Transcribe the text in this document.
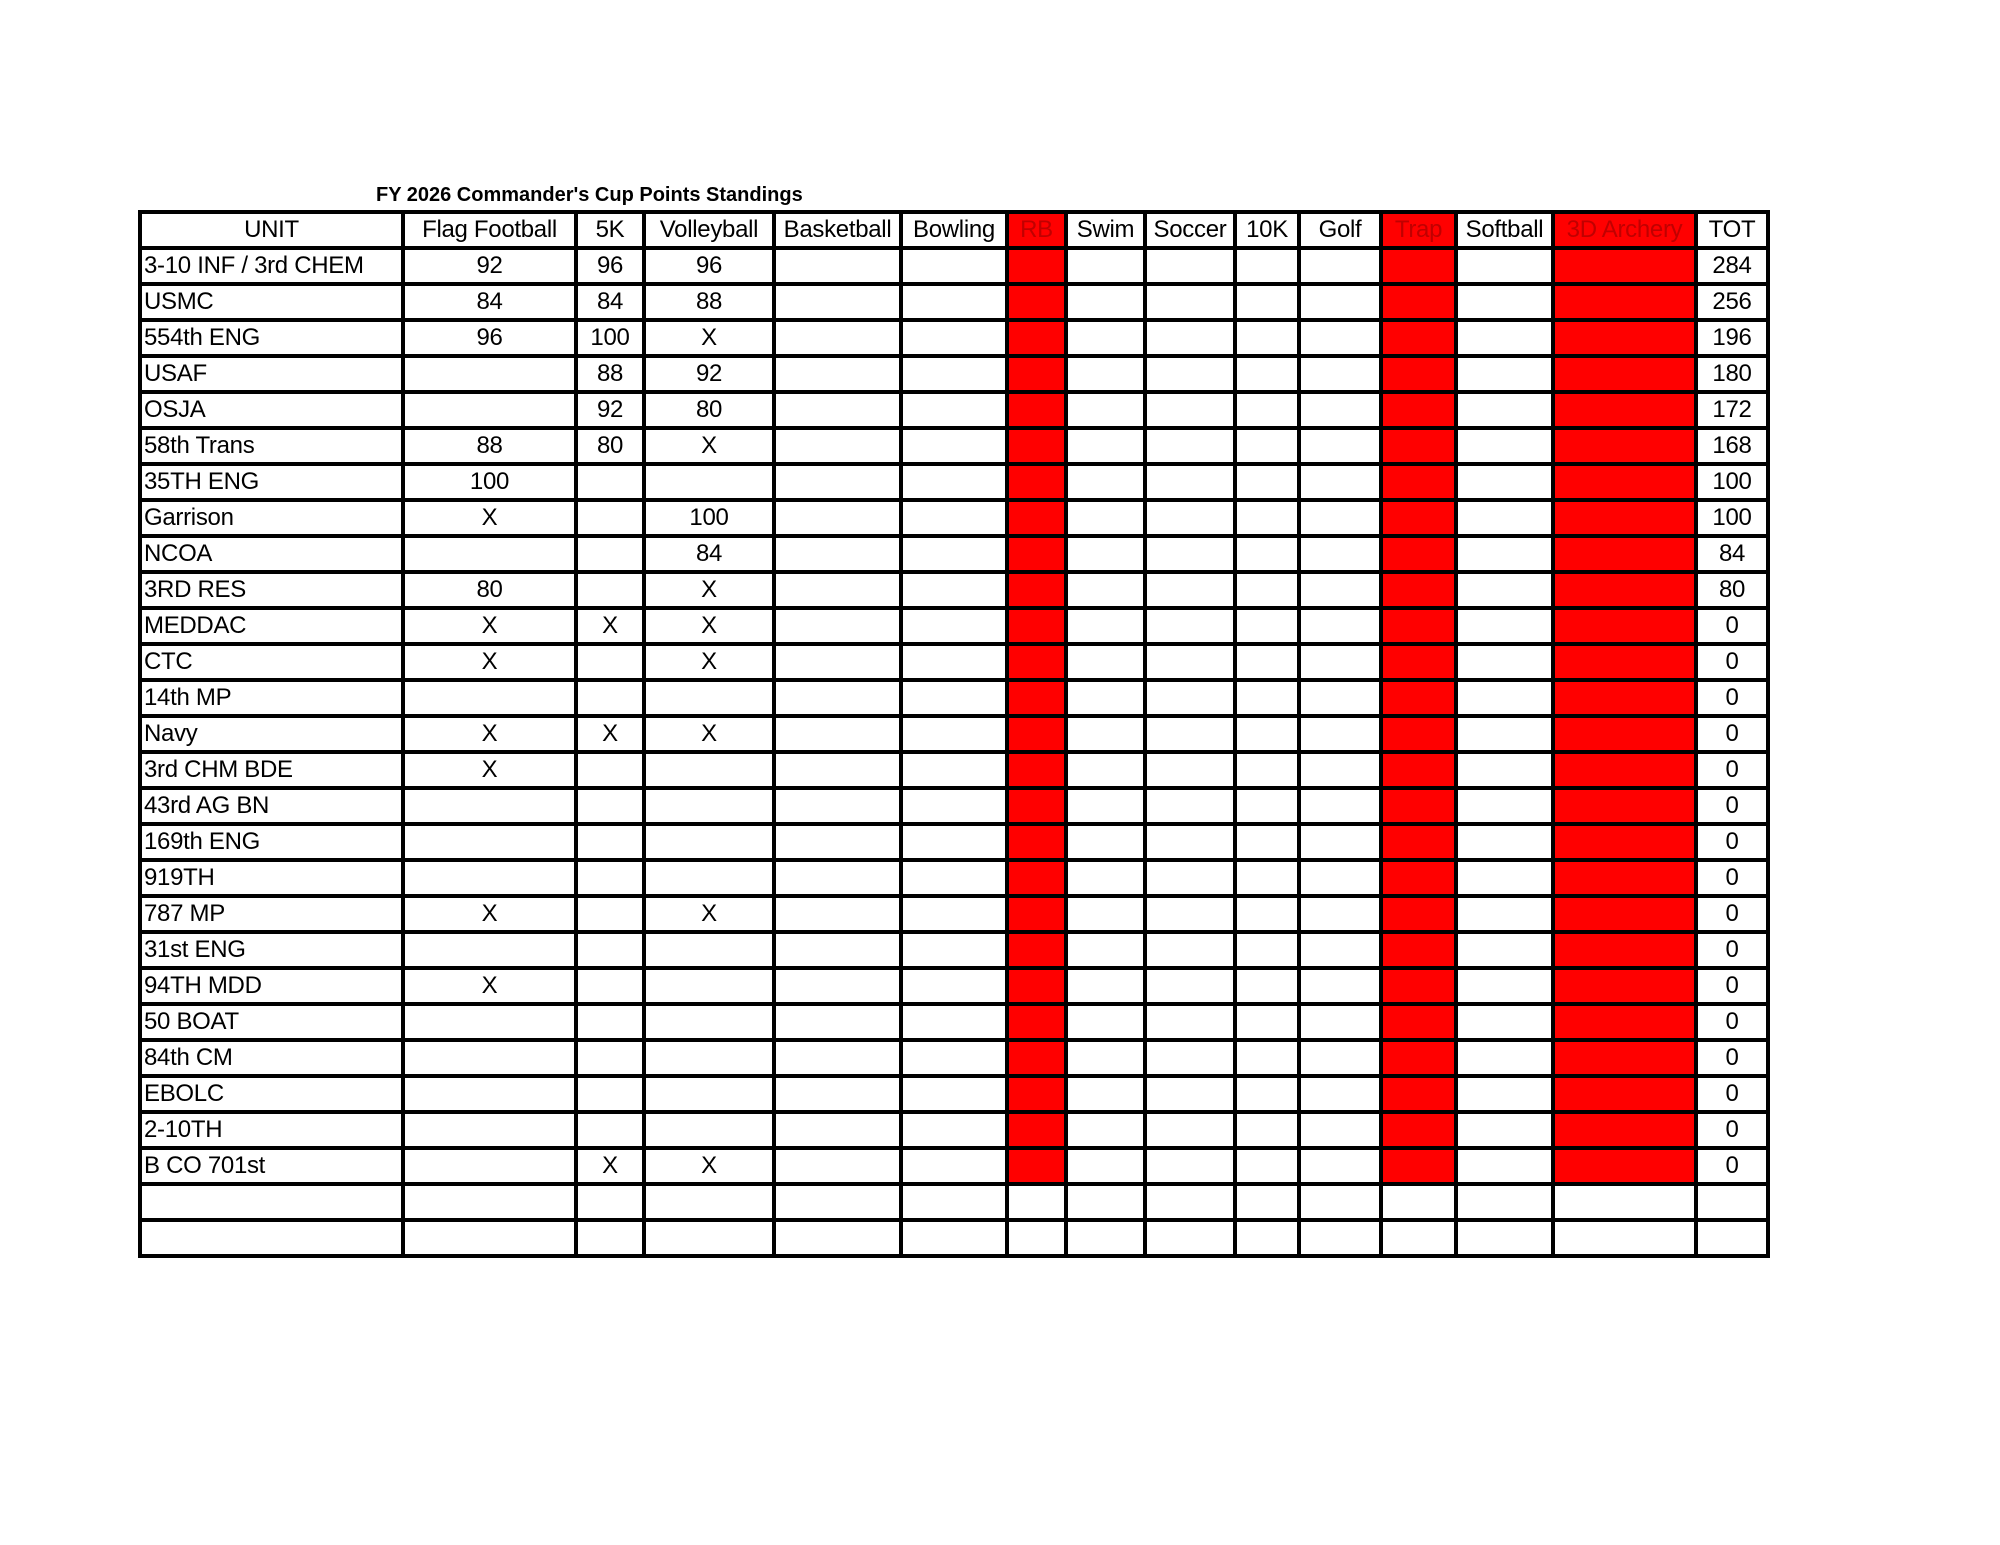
FY 2026 Commander's Cup Points Standings
UNIT	Flag Football	5K	Volleyball	Basketball	Bowling	RB	Swim	Soccer	10K	Golf	Trap	Softball	3D Archery	TOT
3-10 INF / 3rd CHEM	92	96	96											284
USMC	84	84	88											256
554th ENG	96	100	X											196
USAF		88	92											180
OSJA		92	80											172
58th Trans	88	80	X											168
35TH ENG	100													100
Garrison	X		100											100
NCOA			84											84
3RD RES	80		X											80
MEDDAC	X	X	X											0
CTC	X		X											0
14th MP														0
Navy	X	X	X											0
3rd CHM BDE	X													0
43rd AG BN														0
169th ENG														0
919TH														0
787 MP	X		X											0
31st ENG														0
94TH MDD	X													0
50 BOAT														0
84th CM														0
EBOLC														0
2-10TH														0
B CO 701st		X	X											0
